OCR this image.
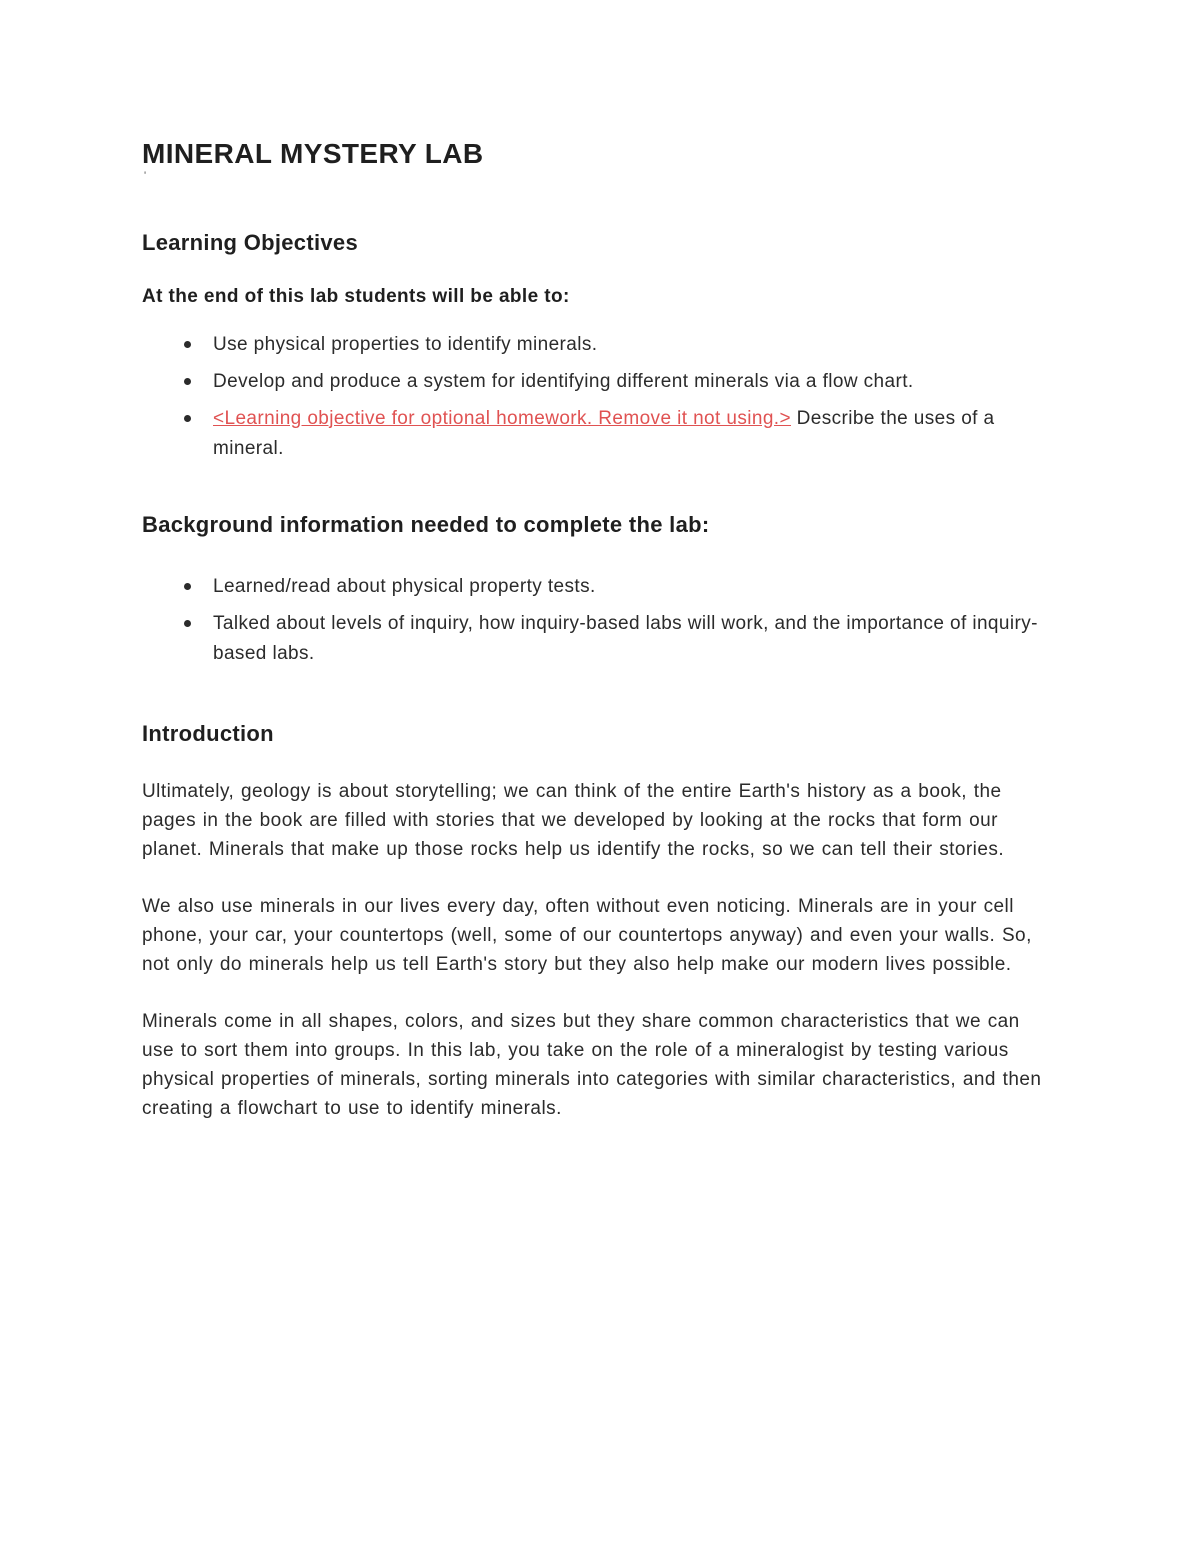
MINERAL MYSTERY LAB
'
Learning Objectives

At the end of this lab students will be able to:

Use physical properties to identify minerals.
Develop and produce a system for identifying different minerals via a flow chart.
<Learning objective for optional homework. Remove it not using.> Describe the uses of a mineral.
Background information needed to complete the lab:
Learned/read about physical property tests.
Talked about levels of inquiry, how inquiry-based labs will work, and the importance of inquiry-based labs.
Introduction

Ultimately, geology is about storytelling; we can think of the entire Earth's history as a book, the pages in the book are filled with stories that we developed by looking at the rocks that form our planet. Minerals that make up those rocks help us identify the rocks, so we can tell their stories.

We also use minerals in our lives every day, often without even noticing. Minerals are in your cell phone, your car, your countertops (well, some of our countertops anyway) and even your walls. So, not only do minerals help us tell Earth's story but they also help make our modern lives possible.

Minerals come in all shapes, colors, and sizes but they share common characteristics that we can use to sort them into groups. In this lab, you take on the role of a mineralogist by testing various physical properties of minerals, sorting minerals into categories with similar characteristics, and then creating a flowchart to use to identify minerals.
